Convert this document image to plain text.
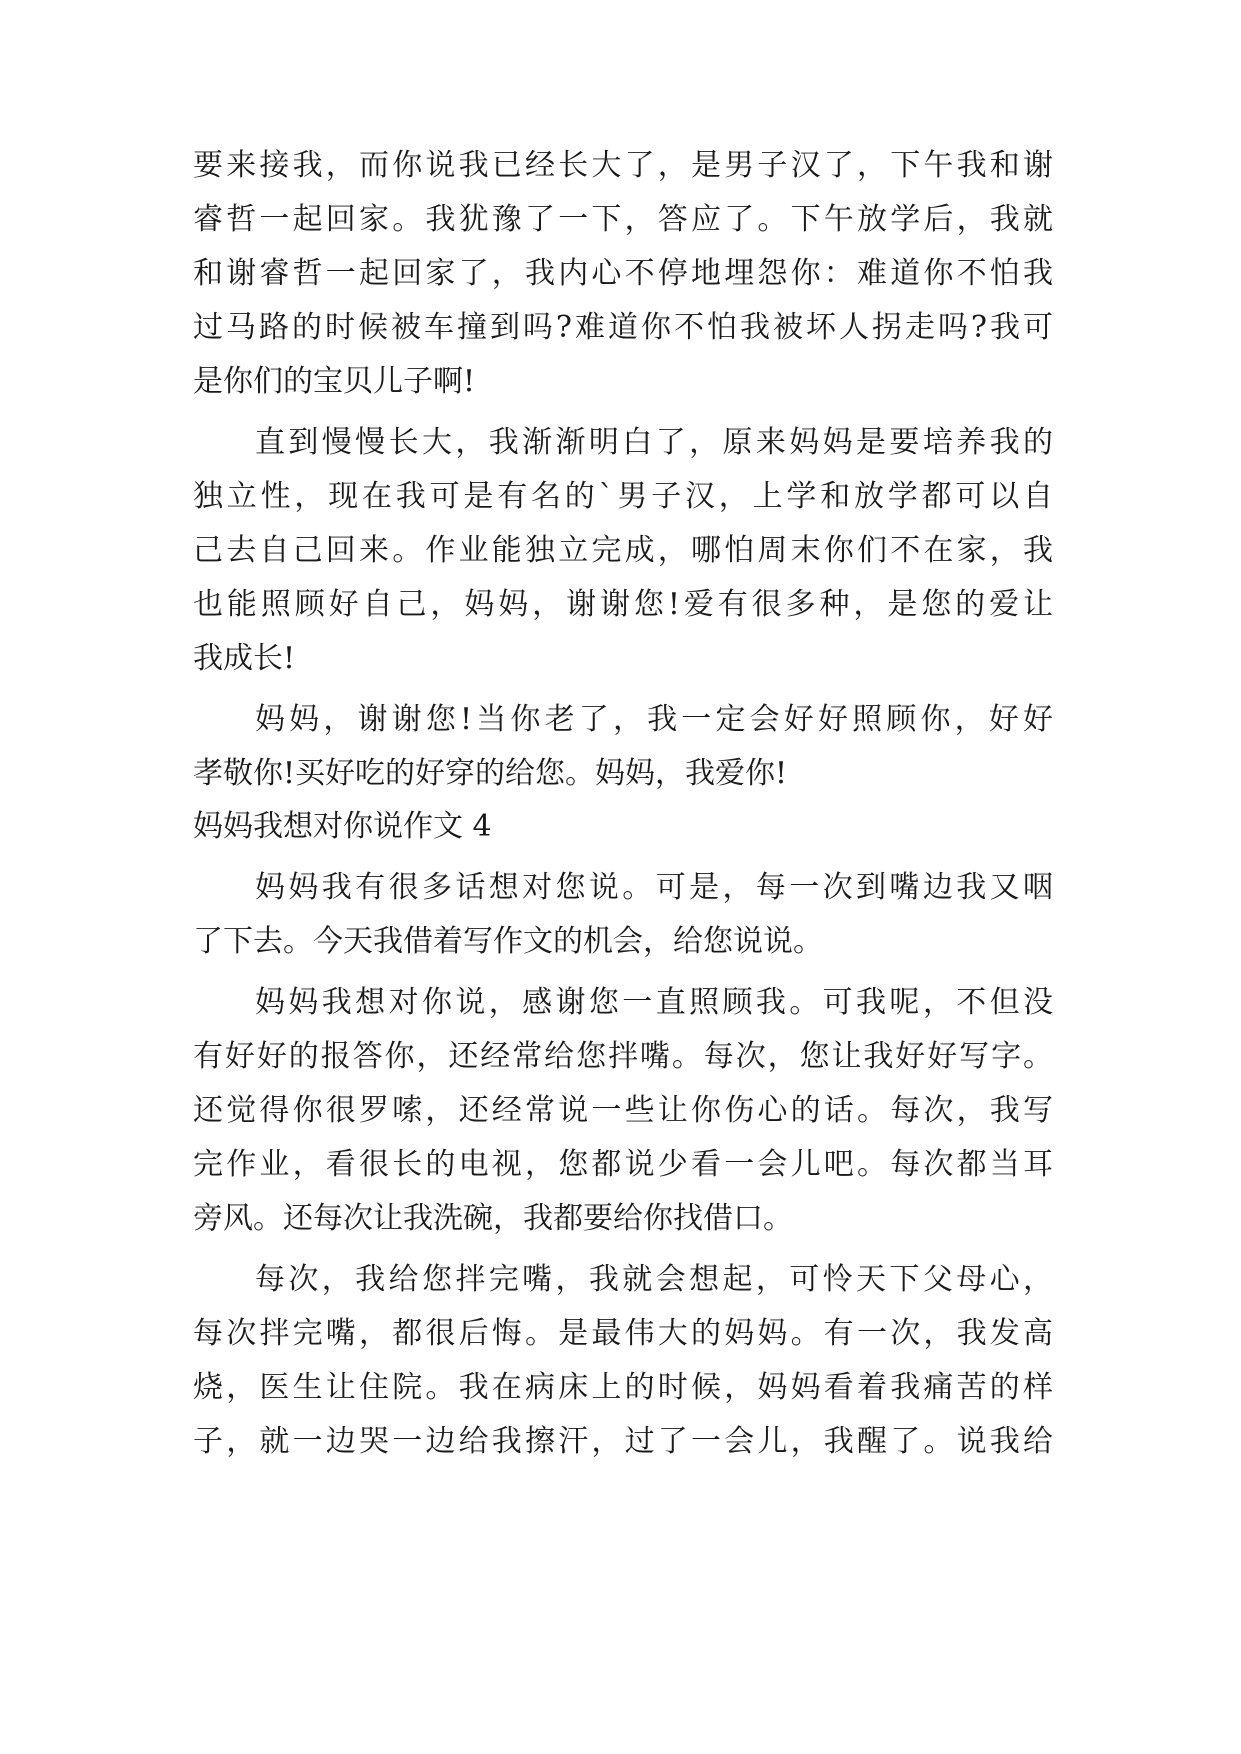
要来接我，而你说我已经长大了，是男子汉了，下午我和谢
睿哲一起回家。我犹豫了一下，答应了。下午放学后，我就
和谢睿哲一起回家了，我内心不停地埋怨你：难道你不怕我
过马路的时候被车撞到吗?难道你不怕我被坏人拐走吗?我可
是你们的宝贝儿子啊!
直到慢慢长大，我渐渐明白了，原来妈妈是要培养我的
独立性，现在我可是有名的`男子汉，上学和放学都可以自
己去自己回来。作业能独立完成，哪怕周末你们不在家，我
也能照顾好自己，妈妈，谢谢您!爱有很多种，是您的爱让
我成长!
妈妈，谢谢您!当你老了，我一定会好好照顾你，好好
孝敬你!买好吃的好穿的给您。妈妈，我爱你!
妈妈我想对你说作文 4
妈妈我有很多话想对您说。可是，每一次到嘴边我又咽
了下去。今天我借着写作文的机会，给您说说。
妈妈我想对你说，感谢您一直照顾我。可我呢，不但没
有好好的报答你，还经常给您拌嘴。每次，您让我好好写字。
还觉得你很罗嗦，还经常说一些让你伤心的话。每次，我写
完作业，看很长的电视，您都说少看一会儿吧。每次都当耳
旁风。还每次让我洗碗，我都要给你找借口。
每次，我给您拌完嘴，我就会想起，可怜天下父母心，
每次拌完嘴，都很后悔。是最伟大的妈妈。有一次，我发高
烧，医生让住院。我在病床上的时候，妈妈看着我痛苦的样
子，就一边哭一边给我擦汗，过了一会儿，我醒了。说我给
